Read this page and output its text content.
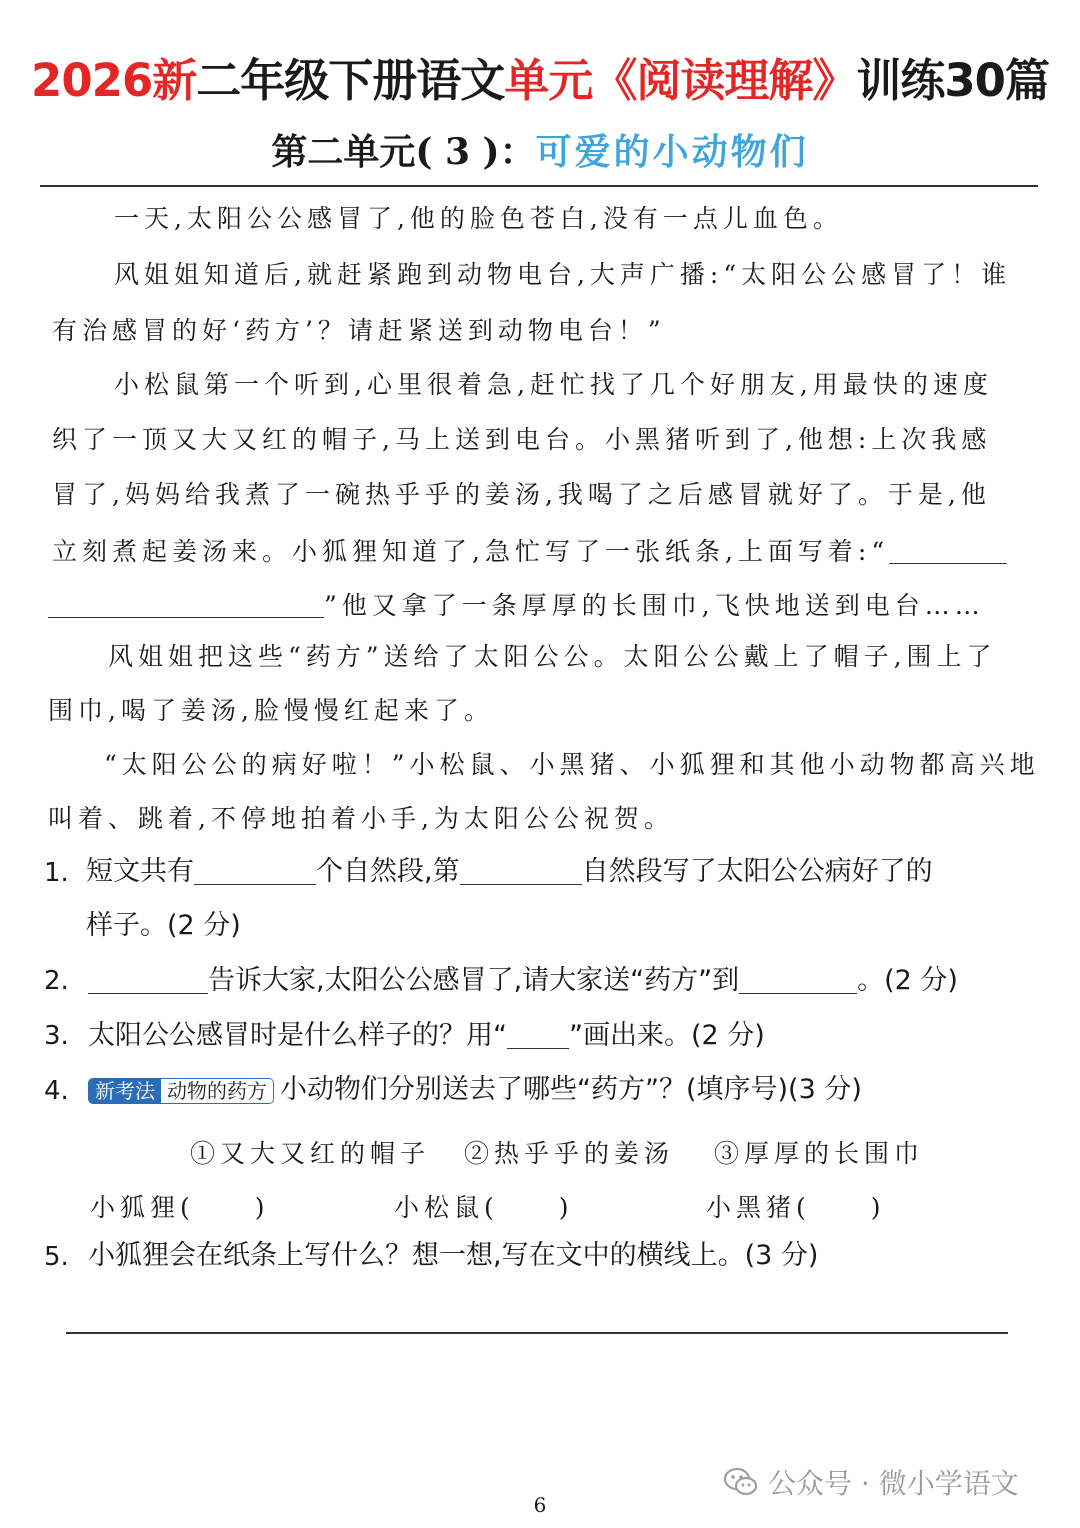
2026新二年级下册语文单元《阅读理解》训练30篇
第二单元( 3 )：可爱的小动物们
一天,太阳公公感冒了,他的脸色苍白,没有一点儿血色。
风姐姐知道后,就赶紧跑到动物电台,大声广播:“太阳公公感冒了！谁
有治感冒的好‘药方’？请赶紧送到动物电台！”
小松鼠第一个听到,心里很着急,赶忙找了几个好朋友,用最快的速度
织了一顶又大又红的帽子,马上送到电台。小黑猪听到了,他想:上次我感
冒了,妈妈给我煮了一碗热乎乎的姜汤,我喝了之后感冒就好了。于是,他
立刻煮起姜汤来。小狐狸知道了,急忙写了一张纸条,上面写着:“
”他又拿了一条厚厚的长围巾,飞快地送到电台……
风姐姐把这些“药方”送给了太阳公公。太阳公公戴上了帽子,围上了
围巾,喝了姜汤,脸慢慢红起来了。
“太阳公公的病好啦！”小松鼠、小黑猪、小狐狸和其他小动物都高兴地
叫着、跳着,不停地拍着小手,为太阳公公祝贺。
1. 短文共有	个自然段,第	自然段写了太阳公公病好了的
样子。(2 分)
2.	告诉大家,太阳公公感冒了,请大家送“药方”到	。(2 分)
3. 太阳公公感冒时是什么样子的？用“ ”画出来。(2 分)
4.	新考法 动物的药方 小动物们分别送去了哪些“药方”？(填序号)(3 分)
①又大又红的帽子 ②热乎乎的姜汤 ③厚厚的长围巾
小狐狸(　　)	小松鼠(　　)	小黑猪(　　)
5. 小狐狸会在纸条上写什么？想一想,写在文中的横线上。(3 分)
公众号 · 微小学语文
6
